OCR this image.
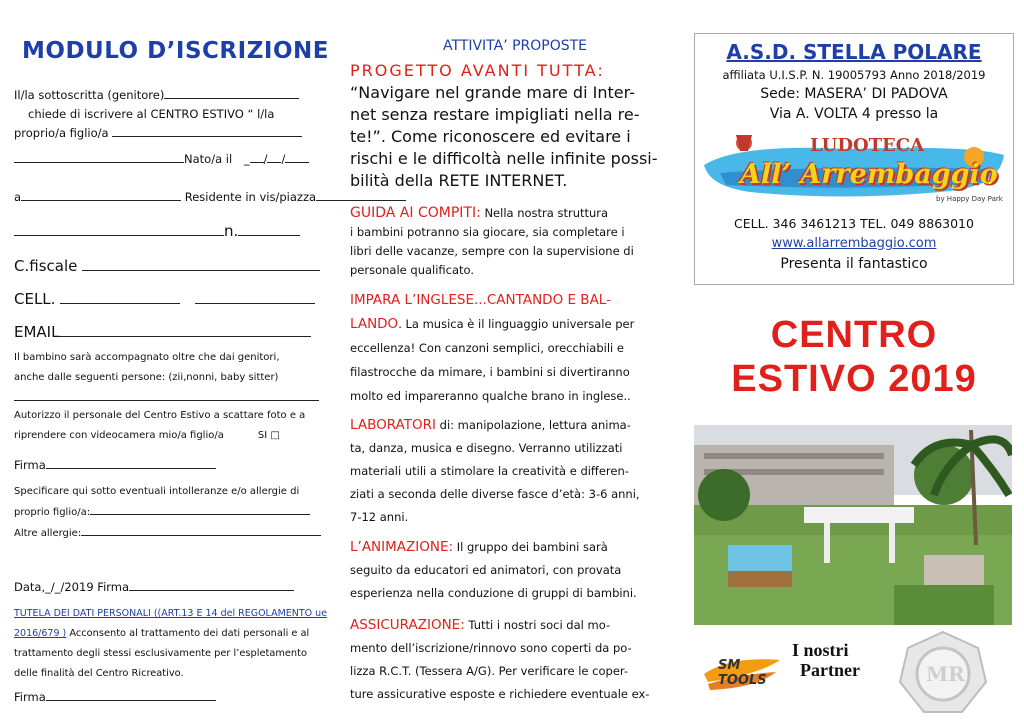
MODULO D’ISCRIZIONE
Il/la sottoscritta (genitore)
chiede di iscrivere al CENTRO ESTIVO “ l/la
proprio/a figlio/a
Nato/a il _ / /
a	Residente in vis/piazza
n.
C.fiscale
CELL.
EMAIL
Il bambino sarà accompagnato oltre che dai genitori,
anche dalle seguenti persone: (zii,nonni, baby sitter)
Autorizzo il personale del Centro Estivo a scattare foto e a
riprendere con videocamera mio/a figlio/a	SI □
Firma
Specificare qui sotto eventuali intolleranze e/o allergie di
proprio figlio/a:
Altre allergie:
Data,_/_/2019 Firma
TUTELA DEI DATI PERSONALI ((ART.13 E 14 del REGOLAMENTO ue
2016/679 ) Acconsento al trattamento dei dati personali e al
trattamento degli stessi esclusivamente per l’espletamento
delle finalità del Centro Ricreativo.
Firma
ATTIVITA’ PROPOSTE
PROGETTO AVANTI TUTTA:
“Navigare nel grande mare di Inter-
net senza restare impigliati nella re-
te!”. Come riconoscere ed evitare i
rischi e le difficoltà nelle infinite possi-
bilità della RETE INTERNET.
GUIDA AI COMPITI: Nella nostra struttura
i bambini potranno sia giocare, sia completare i
libri delle vacanze, sempre con la supervisione di
personale qualificato.
IMPARA L’INGLESE...CANTANDO E BAL-
LANDO. La musica è il linguaggio universale per
eccellenza! Con canzoni semplici, orecchiabili e
filastrocche da mimare, i bambini si divertiranno
molto ed impareranno qualche brano in inglese..
LABORATORI di: manipolazione, lettura anima-
ta, danza, musica e disegno. Verranno utilizzati
materiali utili a stimolare la creatività e differen-
ziati a seconda delle diverse fasce d’età: 3-6 anni,
7-12 anni.
L’ANIMAZIONE: Il gruppo dei bambini sarà
seguito da educatori ed animatori, con provata
esperienza nella conduzione di gruppi di bambini.
ASSICURAZIONE: Tutti i nostri soci dal mo-
mento dell’iscrizione/rinnovo sono coperti da po-
lizza R.C.T. (Tessera A/G). Per verificare le coper-
ture assicurative esposte e richiedere eventuale ex-
A.S.D. STELLA POLARE
affiliata U.I.S.P. N. 19005793 Anno 2018/2019
Sede: MASERA’ DI PADOVA
Via A. VOLTA 4 presso la
LUDOTECA
All’ Arrembaggio
by Happy Day Park
CELL. 346 3461213 TEL. 049 8863010
www.allarrembaggio.com
Presenta il fantastico
CENTRO
ESTIVO 2019
SM TOOLS
I nostri
Partner	MR
